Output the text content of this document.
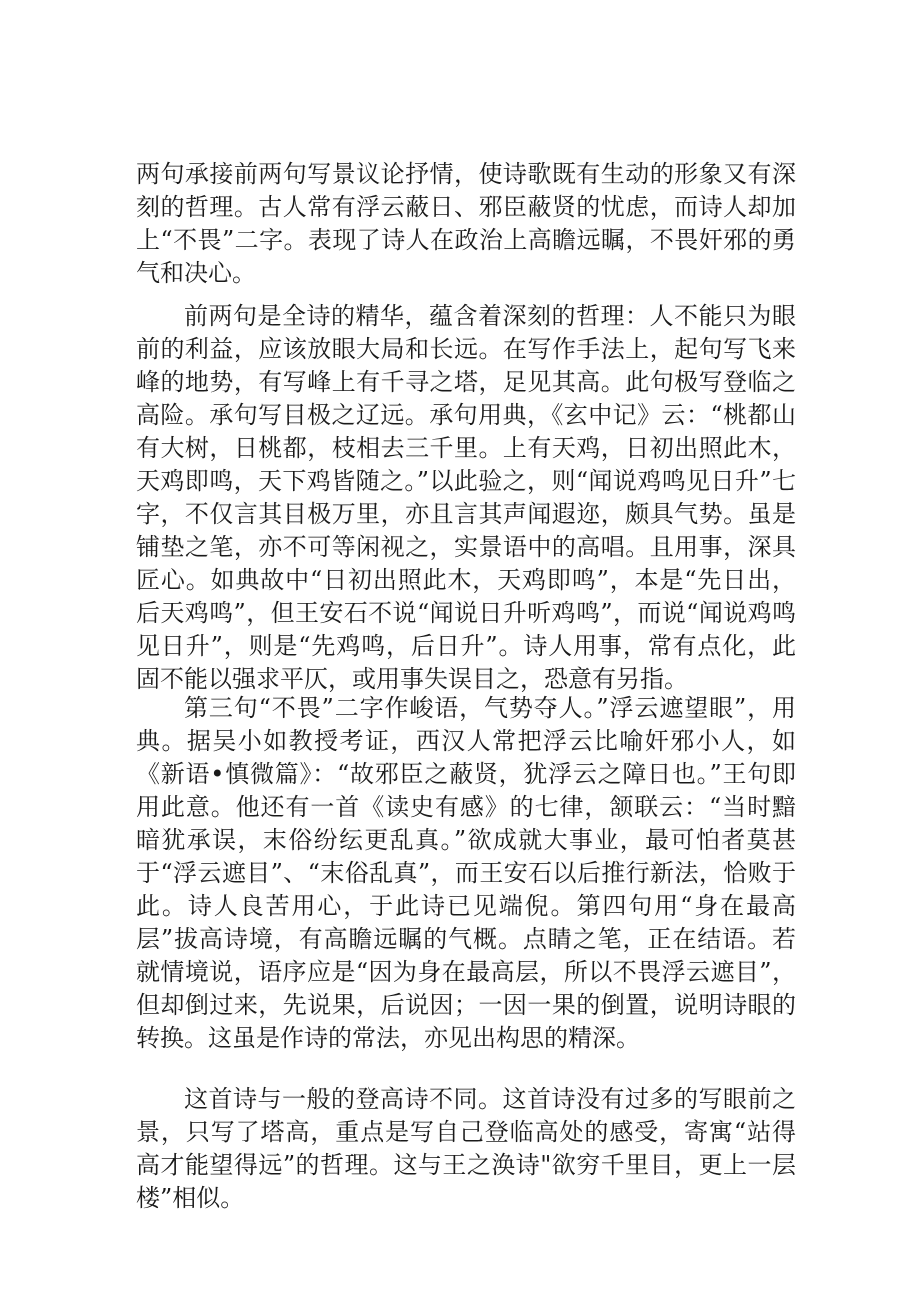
两句承接前两句写景议论抒情，使诗歌既有生动的形象又有深刻的哲理。古人常有浮云蔽日、邪臣蔽贤的忧虑，而诗人却加上“不畏”二字。表现了诗人在政治上高瞻远瞩，不畏奸邪的勇气和决心。

前两句是全诗的精华，蕴含着深刻的哲理：人不能只为眼前的利益，应该放眼大局和长远。在写作手法上，起句写飞来峰的地势，有写峰上有千寻之塔，足见其高。此句极写登临之高险。承句写目极之辽远。承句用典，《玄中记》云：“桃都山有大树，日桃都，枝相去三千里。上有天鸡，日初出照此木，天鸡即鸣，天下鸡皆随之。”以此验之，则“闻说鸡鸣见日升”七字，不仅言其目极万里，亦且言其声闻遐迩，颇具气势。虽是铺垫之笔，亦不可等闲视之，实景语中的高唱。且用事，深具匠心。如典故中“日初出照此木，天鸡即鸣”，本是“先日出，后天鸡鸣”，但王安石不说“闻说日升听鸡鸣”，而说“闻说鸡鸣见日升”，则是“先鸡鸣，后日升”。诗人用事，常有点化，此固不能以强求平仄，或用事失误目之，恐意有另指。

第三句“不畏”二字作峻语，气势夺人。”浮云遮望眼”，用典。据吴小如教授考证，西汉人常把浮云比喻奸邪小人，如《新语•慎微篇》：“故邪臣之蔽贤，犹浮云之障日也。”王句即用此意。他还有一首《读史有感》的七律，颔联云：“当时黯暗犹承误，末俗纷纭更乱真。”欲成就大事业，最可怕者莫甚于“浮云遮目”、“末俗乱真”，而王安石以后推行新法，恰败于此。诗人良苦用心，于此诗已见端倪。第四句用“身在最高层”拔高诗境，有高瞻远瞩的气概。点睛之笔，正在结语。若就情境说，语序应是“因为身在最高层，所以不畏浮云遮目”，但却倒过来，先说果，后说因；一因一果的倒置，说明诗眼的转换。这虽是作诗的常法，亦见出构思的精深。

这首诗与一般的登高诗不同。这首诗没有过多的写眼前之景，只写了塔高，重点是写自己登临高处的感受，寄寓“站得高才能望得远”的哲理。这与王之涣诗"欲穷千里目，更上一层楼”相似。
